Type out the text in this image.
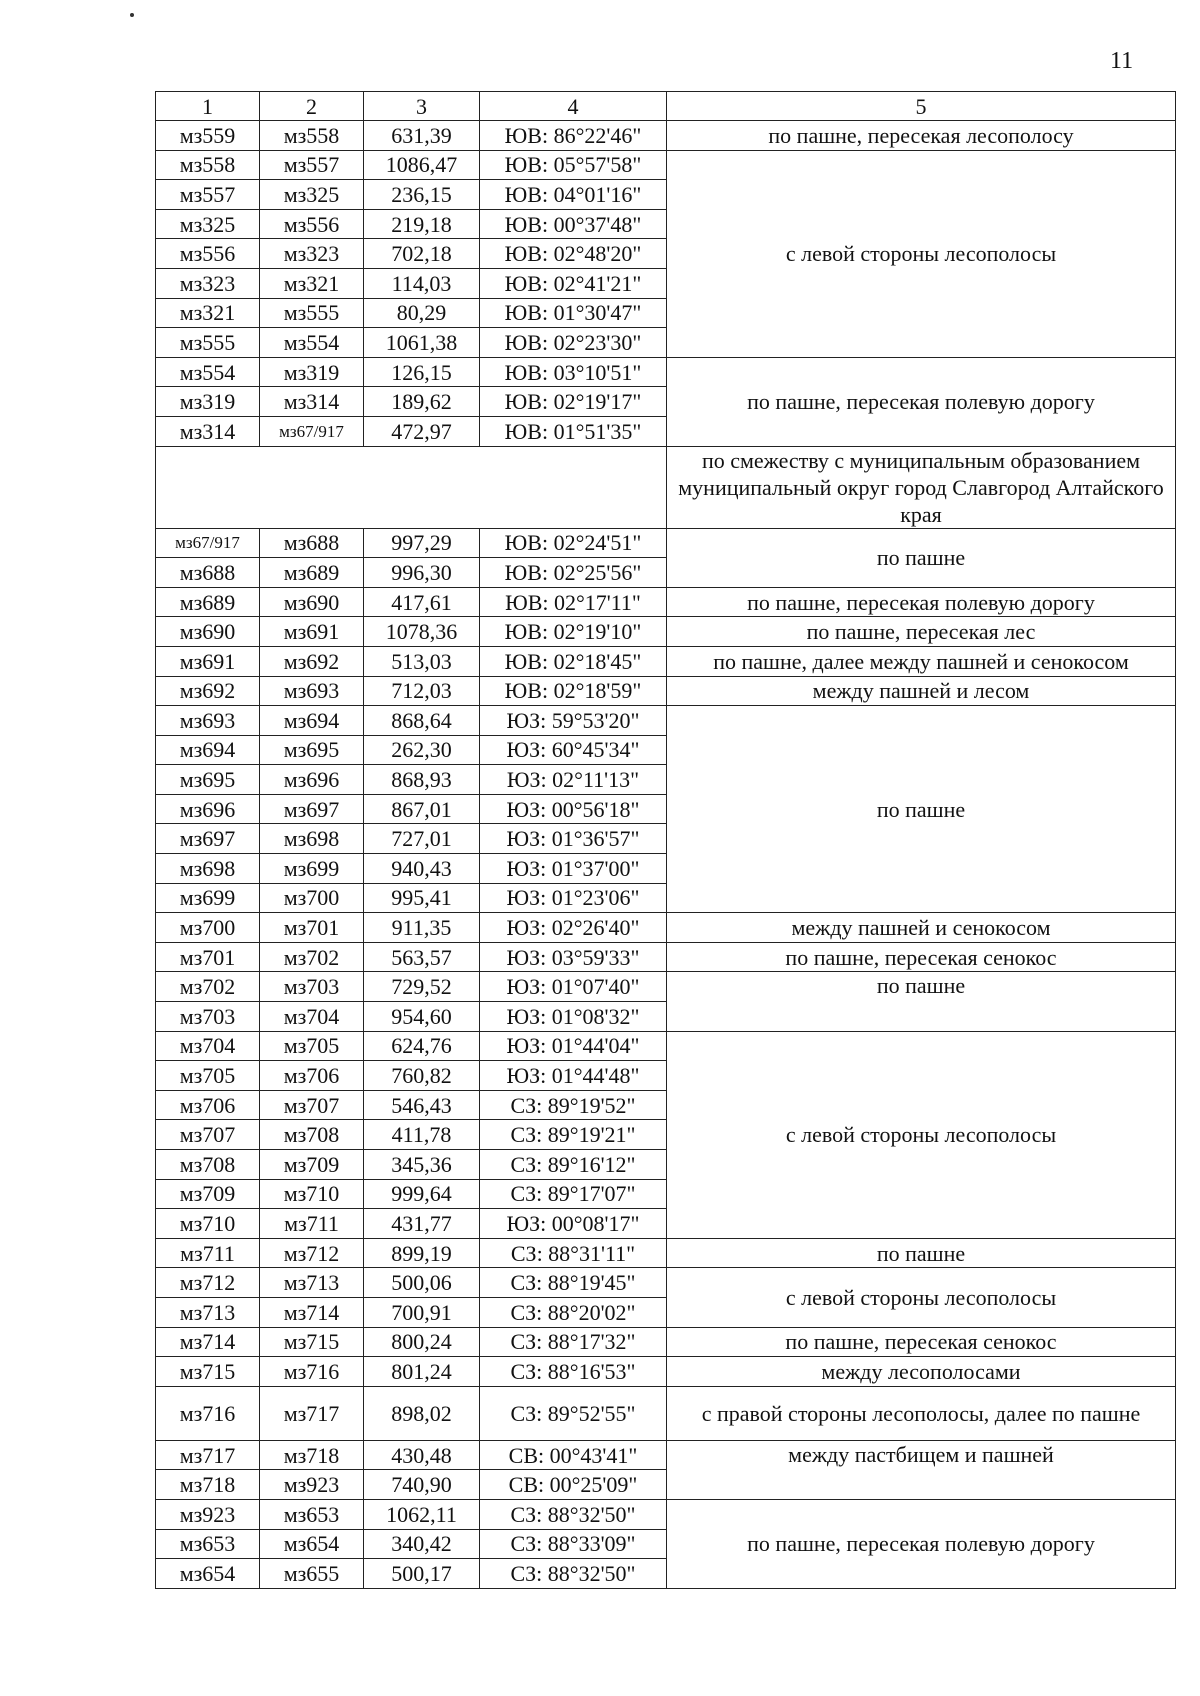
11
1	2	3	4	5
мз559	мз558	631,39	ЮВ: 86°22'46"	по пашне, пересекая лесополосу
мз558	мз557	1086,47	ЮВ: 05°57'58"	с левой стороны лесополосы
мз557	мз325	236,15	ЮВ: 04°01'16"	
мз325	мз556	219,18	ЮВ: 00°37'48"	
мз556	мз323	702,18	ЮВ: 02°48'20"	
мз323	мз321	114,03	ЮВ: 02°41'21"	
мз321	мз555	80,29	ЮВ: 01°30'47"	
мз555	мз554	1061,38	ЮВ: 02°23'30"	
мз554	мз319	126,15	ЮВ: 03°10'51"	по пашне, пересекая полевую дорогу
мз319	мз314	189,62	ЮВ: 02°19'17"	
мз314	мз67/917	472,97	ЮВ: 01°51'35"	
				по смежеству с муниципальным образованием муниципальный округ город Славгород Алтайского края
мз67/917	мз688	997,29	ЮВ: 02°24'51"	по пашне
мз688	мз689	996,30	ЮВ: 02°25'56"	
мз689	мз690	417,61	ЮВ: 02°17'11"	по пашне, пересекая полевую дорогу
мз690	мз691	1078,36	ЮВ: 02°19'10"	по пашне, пересекая лес
мз691	мз692	513,03	ЮВ: 02°18'45"	по пашне, далее между пашней и сенокосом
мз692	мз693	712,03	ЮВ: 02°18'59"	между пашней и лесом
мз693	мз694	868,64	ЮЗ: 59°53'20"	по пашне
мз694	мз695	262,30	ЮЗ: 60°45'34"	
мз695	мз696	868,93	ЮЗ: 02°11'13"	
мз696	мз697	867,01	ЮЗ: 00°56'18"	
мз697	мз698	727,01	ЮЗ: 01°36'57"	
мз698	мз699	940,43	ЮЗ: 01°37'00"	
мз699	мз700	995,41	ЮЗ: 01°23'06"	
мз700	мз701	911,35	ЮЗ: 02°26'40"	между пашней и сенокосом
мз701	мз702	563,57	ЮЗ: 03°59'33"	по пашне, пересекая сенокос
мз702	мз703	729,52	ЮЗ: 01°07'40"	по пашне
мз703	мз704	954,60	ЮЗ: 01°08'32"	
мз704	мз705	624,76	ЮЗ: 01°44'04"	с левой стороны лесополосы
мз705	мз706	760,82	ЮЗ: 01°44'48"	
мз706	мз707	546,43	СЗ: 89°19'52"	
мз707	мз708	411,78	СЗ: 89°19'21"	
мз708	мз709	345,36	СЗ: 89°16'12"	
мз709	мз710	999,64	СЗ: 89°17'07"	
мз710	мз711	431,77	ЮЗ: 00°08'17"	
мз711	мз712	899,19	СЗ: 88°31'11"	по пашне
мз712	мз713	500,06	СЗ: 88°19'45"	с левой стороны лесополосы
мз713	мз714	700,91	СЗ: 88°20'02"	
мз714	мз715	800,24	СЗ: 88°17'32"	по пашне, пересекая сенокос
мз715	мз716	801,24	СЗ: 88°16'53"	между лесополосами
мз716	мз717	898,02	СЗ: 89°52'55"	с правой стороны лесополосы, далее по пашне
мз717	мз718	430,48	СВ: 00°43'41"	между пастбищем и пашней
мз718	мз923	740,90	СВ: 00°25'09"	
мз923	мз653	1062,11	СЗ: 88°32'50"	по пашне, пересекая полевую дорогу
мз653	мз654	340,42	СЗ: 88°33'09"	
мз654	мз655	500,17	СЗ: 88°32'50"	
